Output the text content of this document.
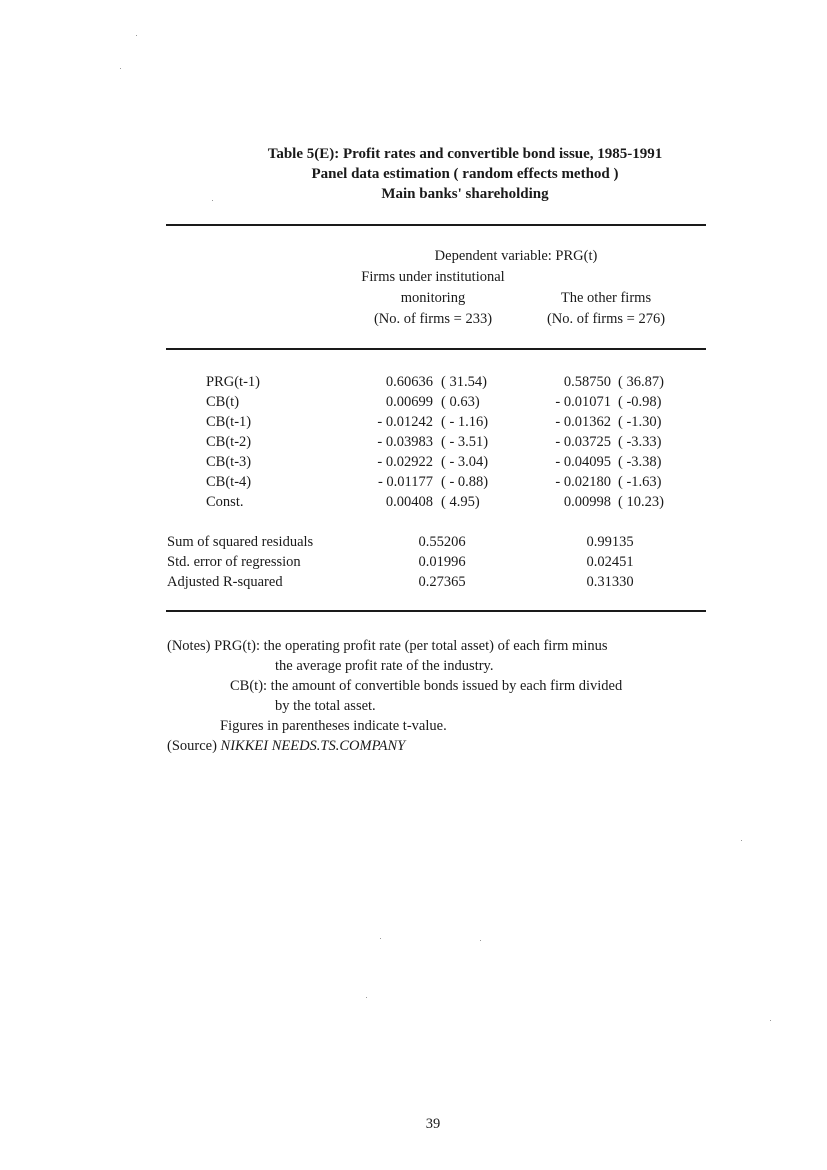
Table 5(E): Profit rates and convertible bond issue, 1985-1991
Panel data estimation ( random effects method )
Main banks' shareholding
Dependent variable: PRG(t)
Firms under institutional
monitoring
(No. of firms = 233)
The other firms
(No. of firms = 276)
PRG(t-1)	0.60636 ( 31.54)	0.58750 ( 36.87)
CB(t)	0.00699 ( 0.63)	- 0.01071 ( -0.98)
CB(t-1)	- 0.01242 ( - 1.16)	- 0.01362 ( -1.30)
CB(t-2)	- 0.03983 ( - 3.51)	- 0.03725 ( -3.33)
CB(t-3)	- 0.02922 ( - 3.04)	- 0.04095 ( -3.38)
CB(t-4)	- 0.01177 ( - 0.88)	- 0.02180 ( -1.63)
Const.	0.00408 ( 4.95)	0.00998 ( 10.23)
Sum of squared residuals	0.55206	0.99135
Std. error of regression	0.01996	0.02451
Adjusted R-squared	0.27365	0.31330
(Notes) PRG(t): the operating profit rate (per total asset) of each firm minus
the average profit rate of the industry.
CB(t): the amount of convertible bonds issued by each firm divided
by the total asset.
Figures in parentheses indicate t-value.
(Source) NIKKEI NEEDS.TS.COMPANY
39
